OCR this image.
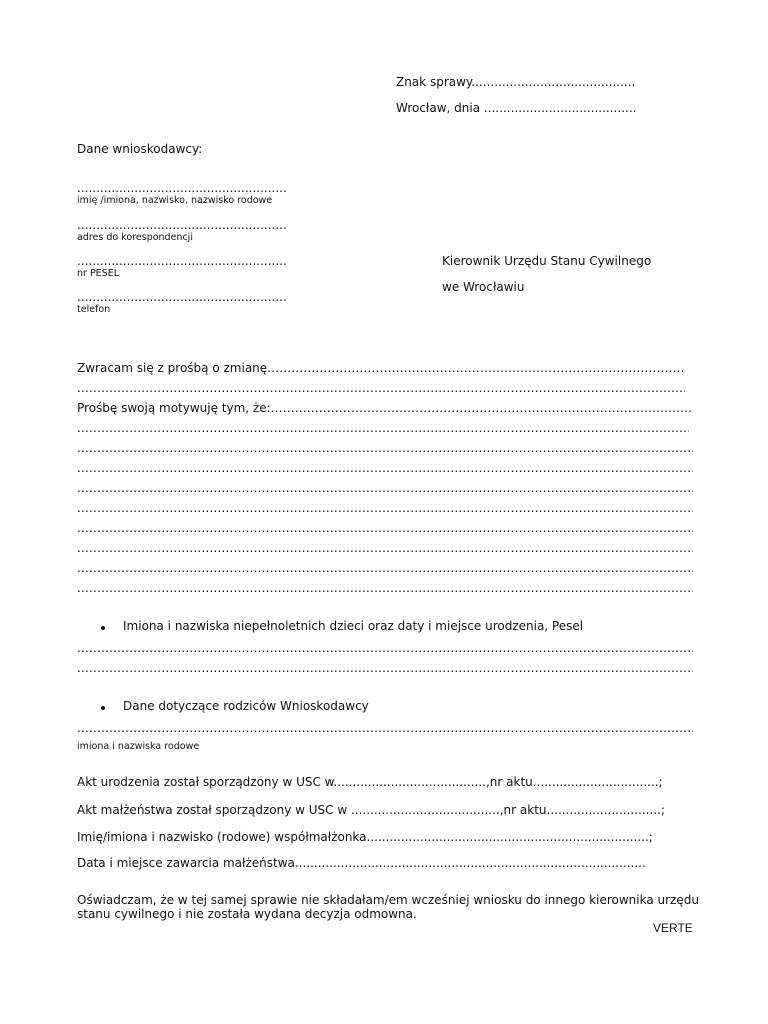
Znak sprawy...........................................

Wrocław, dnia ........................................

Dane wnioskodawcy:

.......................................................

imię /imiona, nazwisko, nazwisko rodowe

.......................................................

adres do korespondencji

.......................................................

nr PESEL

.......................................................

telefon

Kierownik Urzędu Stanu Cywilnego

we Wrocławiu

Zwracam się z prośbą o zmianę
.....
.....
Prośbę swoją motywuję tym, że:
.....
.....
.....
.....
.....
.....
.....
.....
.....
.....

Imiona i nazwiska niepełnoletnich dzieci oraz daty i miejsce urodzenia, Pesel

.....
.....

Dane dotyczące rodziców Wnioskodawcy

.....

imiona i nazwiska rodowe

Akt urodzenia został sporządzony w USC w........................................,nr aktu.................................;

Akt małżeństwa został sporządzony w USC w .......................................,nr aktu..............................;

Imię/imiona i nazwisko (rodowe) współmałżonka..........................................................................;

Data i miejsce zawarcia małżeństwa............................................................................................

Oświadczam, że w tej samej sprawie nie składałam/em wcześniej wniosku do innego kierownika urzędu

stanu cywilnego i nie została wydana decyzja odmowna.

VERTE
